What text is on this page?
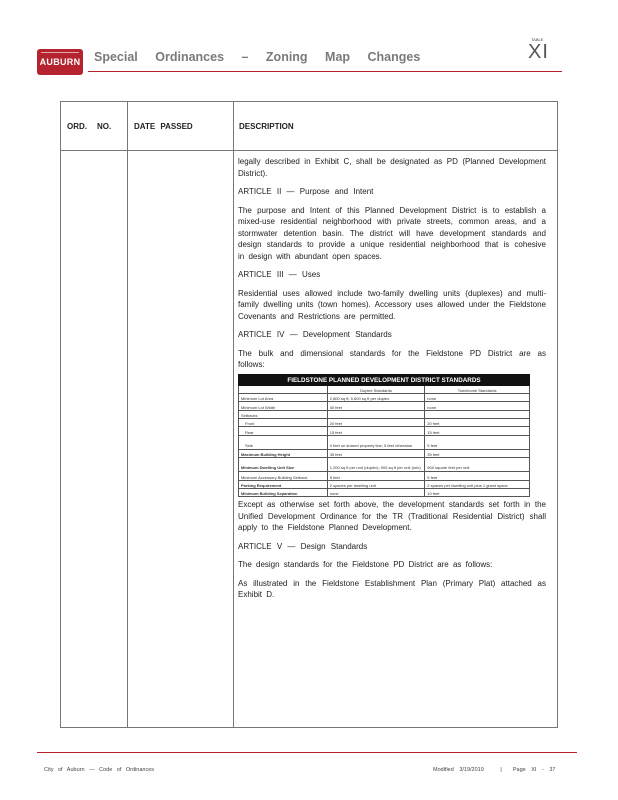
AUBURN Special Ordinances – Zoning Map Changes
TABLE
XI
ORD. NO.	DATE PASSED	DESCRIPTION

legally described in Exhibit C, shall be designated as PD (Planned Development District).

ARTICLE II — Purpose and Intent

The purpose and Intent of this Planned Development District is to establish a mixed-use residential neighborhood with private streets, common areas, and a stormwater detention basin. The district will have development standards and design standards to provide a unique residential neighborhood that is cohesive in design with abundant open spaces.

ARTICLE III — Uses

Residential uses allowed include two-family dwelling units (duplexes) and multi-family dwelling units (town homes). Accessory uses allowed under the Fieldstone Covenants and Restrictions are permitted.

ARTICLE IV — Development Standards

The bulk and dimensional standards for the Fieldstone PD District are as follows:

FIELDSTONE PLANNED DEVELOPMENT DISTRICT STANDARDS		
	Duplex Standards	Townhome Standards
Minimum Lot Area	2,800 sq ft; 5,600 sq ft per duplex	none
Minimum Lot Width	40 feet	none
Setbacks		
Front	20 feet	20 feet
Rear	15 feet	15 feet
Side	0 feet on shared property line; 5 feet otherwise	5 feet
Maximum Building Height	35 feet	35 feet
Minimum Dwelling Unit Size	1,200 sq ft per unit (duplex); 900 sq ft per unit (min)	900 square feet per unit
Minimum Accessory Building Setback	5 feet	5 feet
Parking Requirement	2 spaces per dwelling unit	2 spaces per dwelling unit plus 1 guest space
Minimum Building Separation	none	10 feet

Except as otherwise set forth above, the development standards set forth in the Unified Development Ordinance for the TR (Traditional Residential District) shall apply to the Fieldstone Planned Development.

ARTICLE V — Design Standards

The design standards for the Fieldstone PD District are as follows:

As illustrated in the Fieldstone Establishment Plan (Primary Plat) attached as Exhibit D.

City of Auburn — Code of Ordinances	Modified 3/19/2019   |  Page XI - 37
